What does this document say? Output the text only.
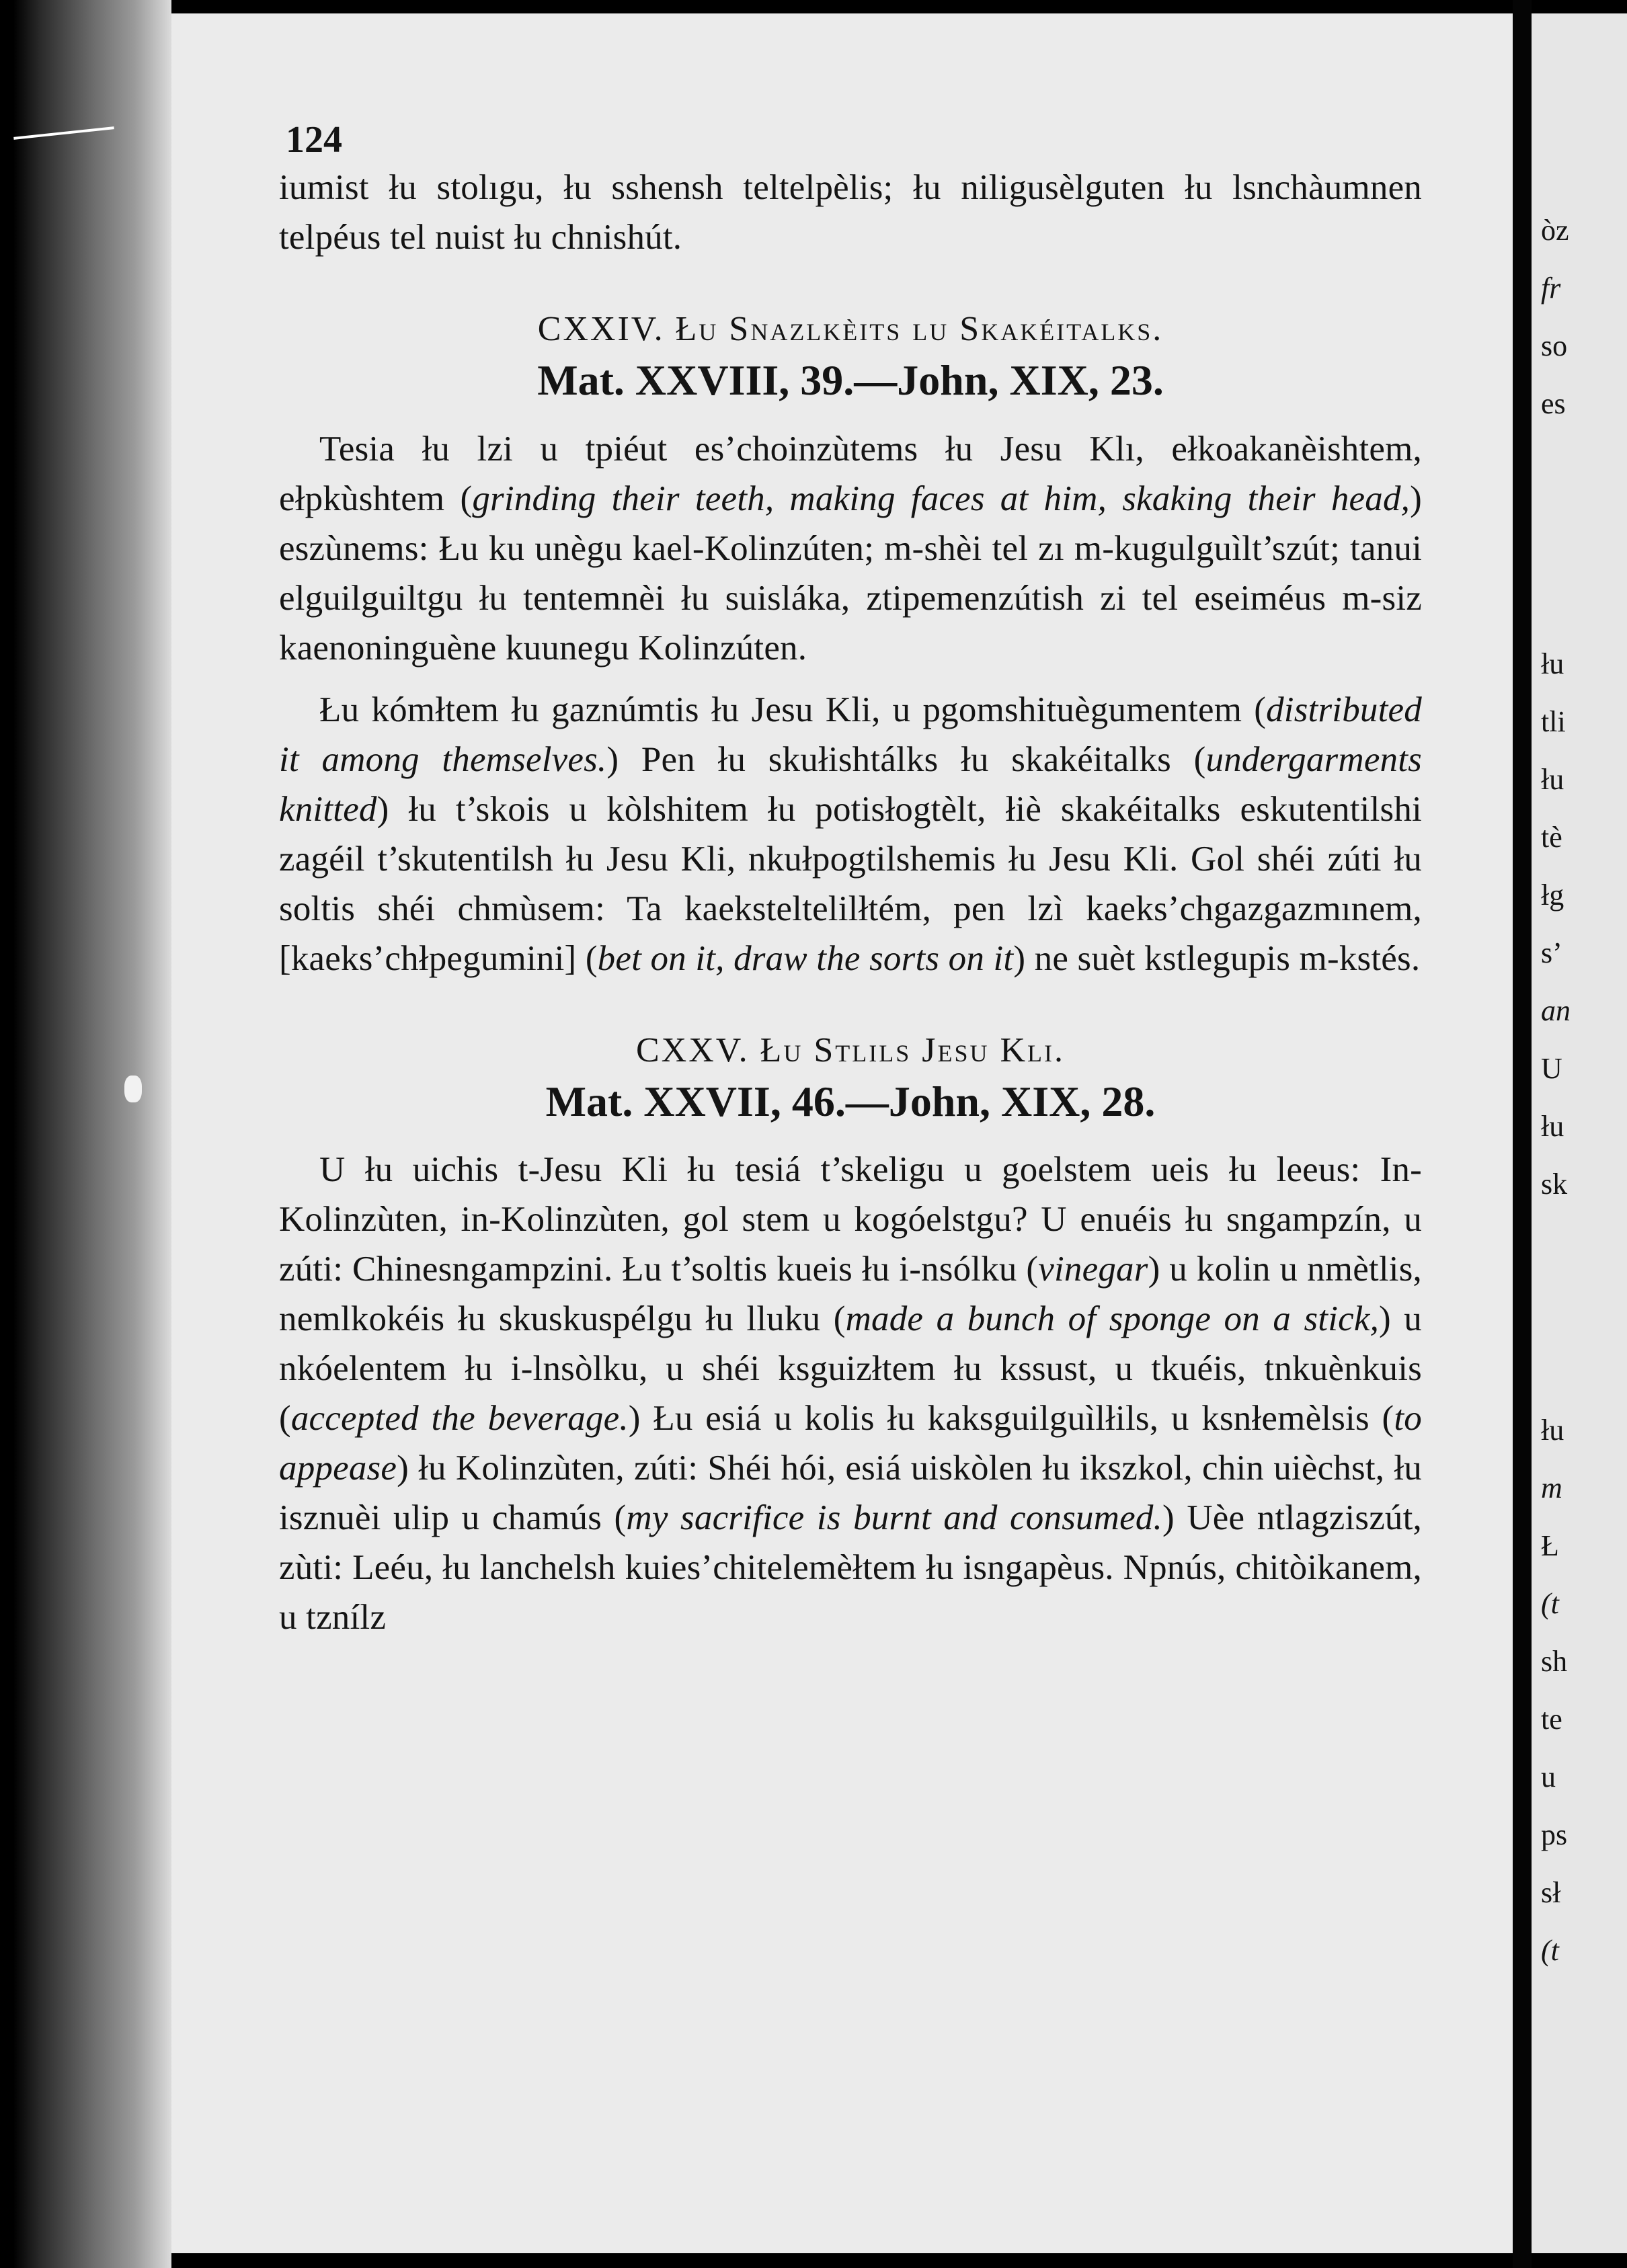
òz
fr
so
es
łu
tli
łu
tè
łg
s’
an
U
łu
sk
łu
m
Ł
(t
sh
te
u
ps
sł
(t
124

iumist łu stolıgu, łu sshensh teltelpèlis; łu niligusèlguten łu lsnchàumnen telpéus tel nuist łu chnishút.

CXXIV. Łu Snazlkèits lu Skakéitalks.
Mat. XXVIII, 39.—John, XIX, 23.

Tesia łu lzi u tpiéut es’choinzùtems łu Jesu Klı, ełkoakanèishtem, ełpkùshtem (grinding their teeth, making faces at him, skaking their head,) eszùnems: Łu ku unègu kael-Kolinzúten; m-shèi tel zı m-kugulguìlt’szút; tanui elguilguiltgu łu tentemnèi łu suisláka, ztipemenzútish zi tel eseiméus m-siz kaenoninguène kuunegu Kolinzúten.

Łu kómłtem łu gaznúmtis łu Jesu Kli, u pgomshituègumentem (distributed it among themselves.) Pen łu skułishtálks łu skakéitalks (undergarments knitted) łu t’skois u kòlshitem łu potisłogtèlt, łiè skakéitalks eskutentilshi zagéil t’skutentilsh łu Jesu Kli, nkułpogtilshemis łu Jesu Kli. Gol shéi zúti łu soltis shéi chmùsem: Ta kaeksteltelilłtém, pen lzì kaeks’chgazgazmınem, [kaeks’chłpegumini] (bet on it, draw the sorts on it) ne suèt kstlegupis m-kstés.

CXXV. Łu Stlils Jesu Kli.
Mat. XXVII, 46.—John, XIX, 28.

U łu uichis t-Jesu Kli łu tesiá t’skeligu u goelstem ueis łu leeus: In-Kolinzùten, in-Kolinzùten, gol stem u kogóelstgu? U enuéis łu sngampzín, u zúti: Chinesngampzini. Łu t’soltis kueis łu i-nsólku (vinegar) u kolin u nmètlis, nemlkokéis łu skuskuspélgu łu lluku (made a bunch of sponge on a stick,) u nkóelentem łu i-lnsòlku, u shéi ksguizłtem łu kssust, u tkuéis, tnkuènkuis (accepted the beverage.) Łu esiá u kolis łu kaksguilguìlłils, u ksnłemèlsis (to appease) łu Kolinzùten, zúti: Shéi hói, esiá uiskòlen łu ikszkol, chin uièchst, łu isznuèi ulip u chamús (my sacrifice is burnt and consumed.) Uèe ntlagziszút, zùti: Leéu, łu lanchelsh kuies’chitelemèłtem łu isngapèus. Npnús, chitòikanem, u tznílz
